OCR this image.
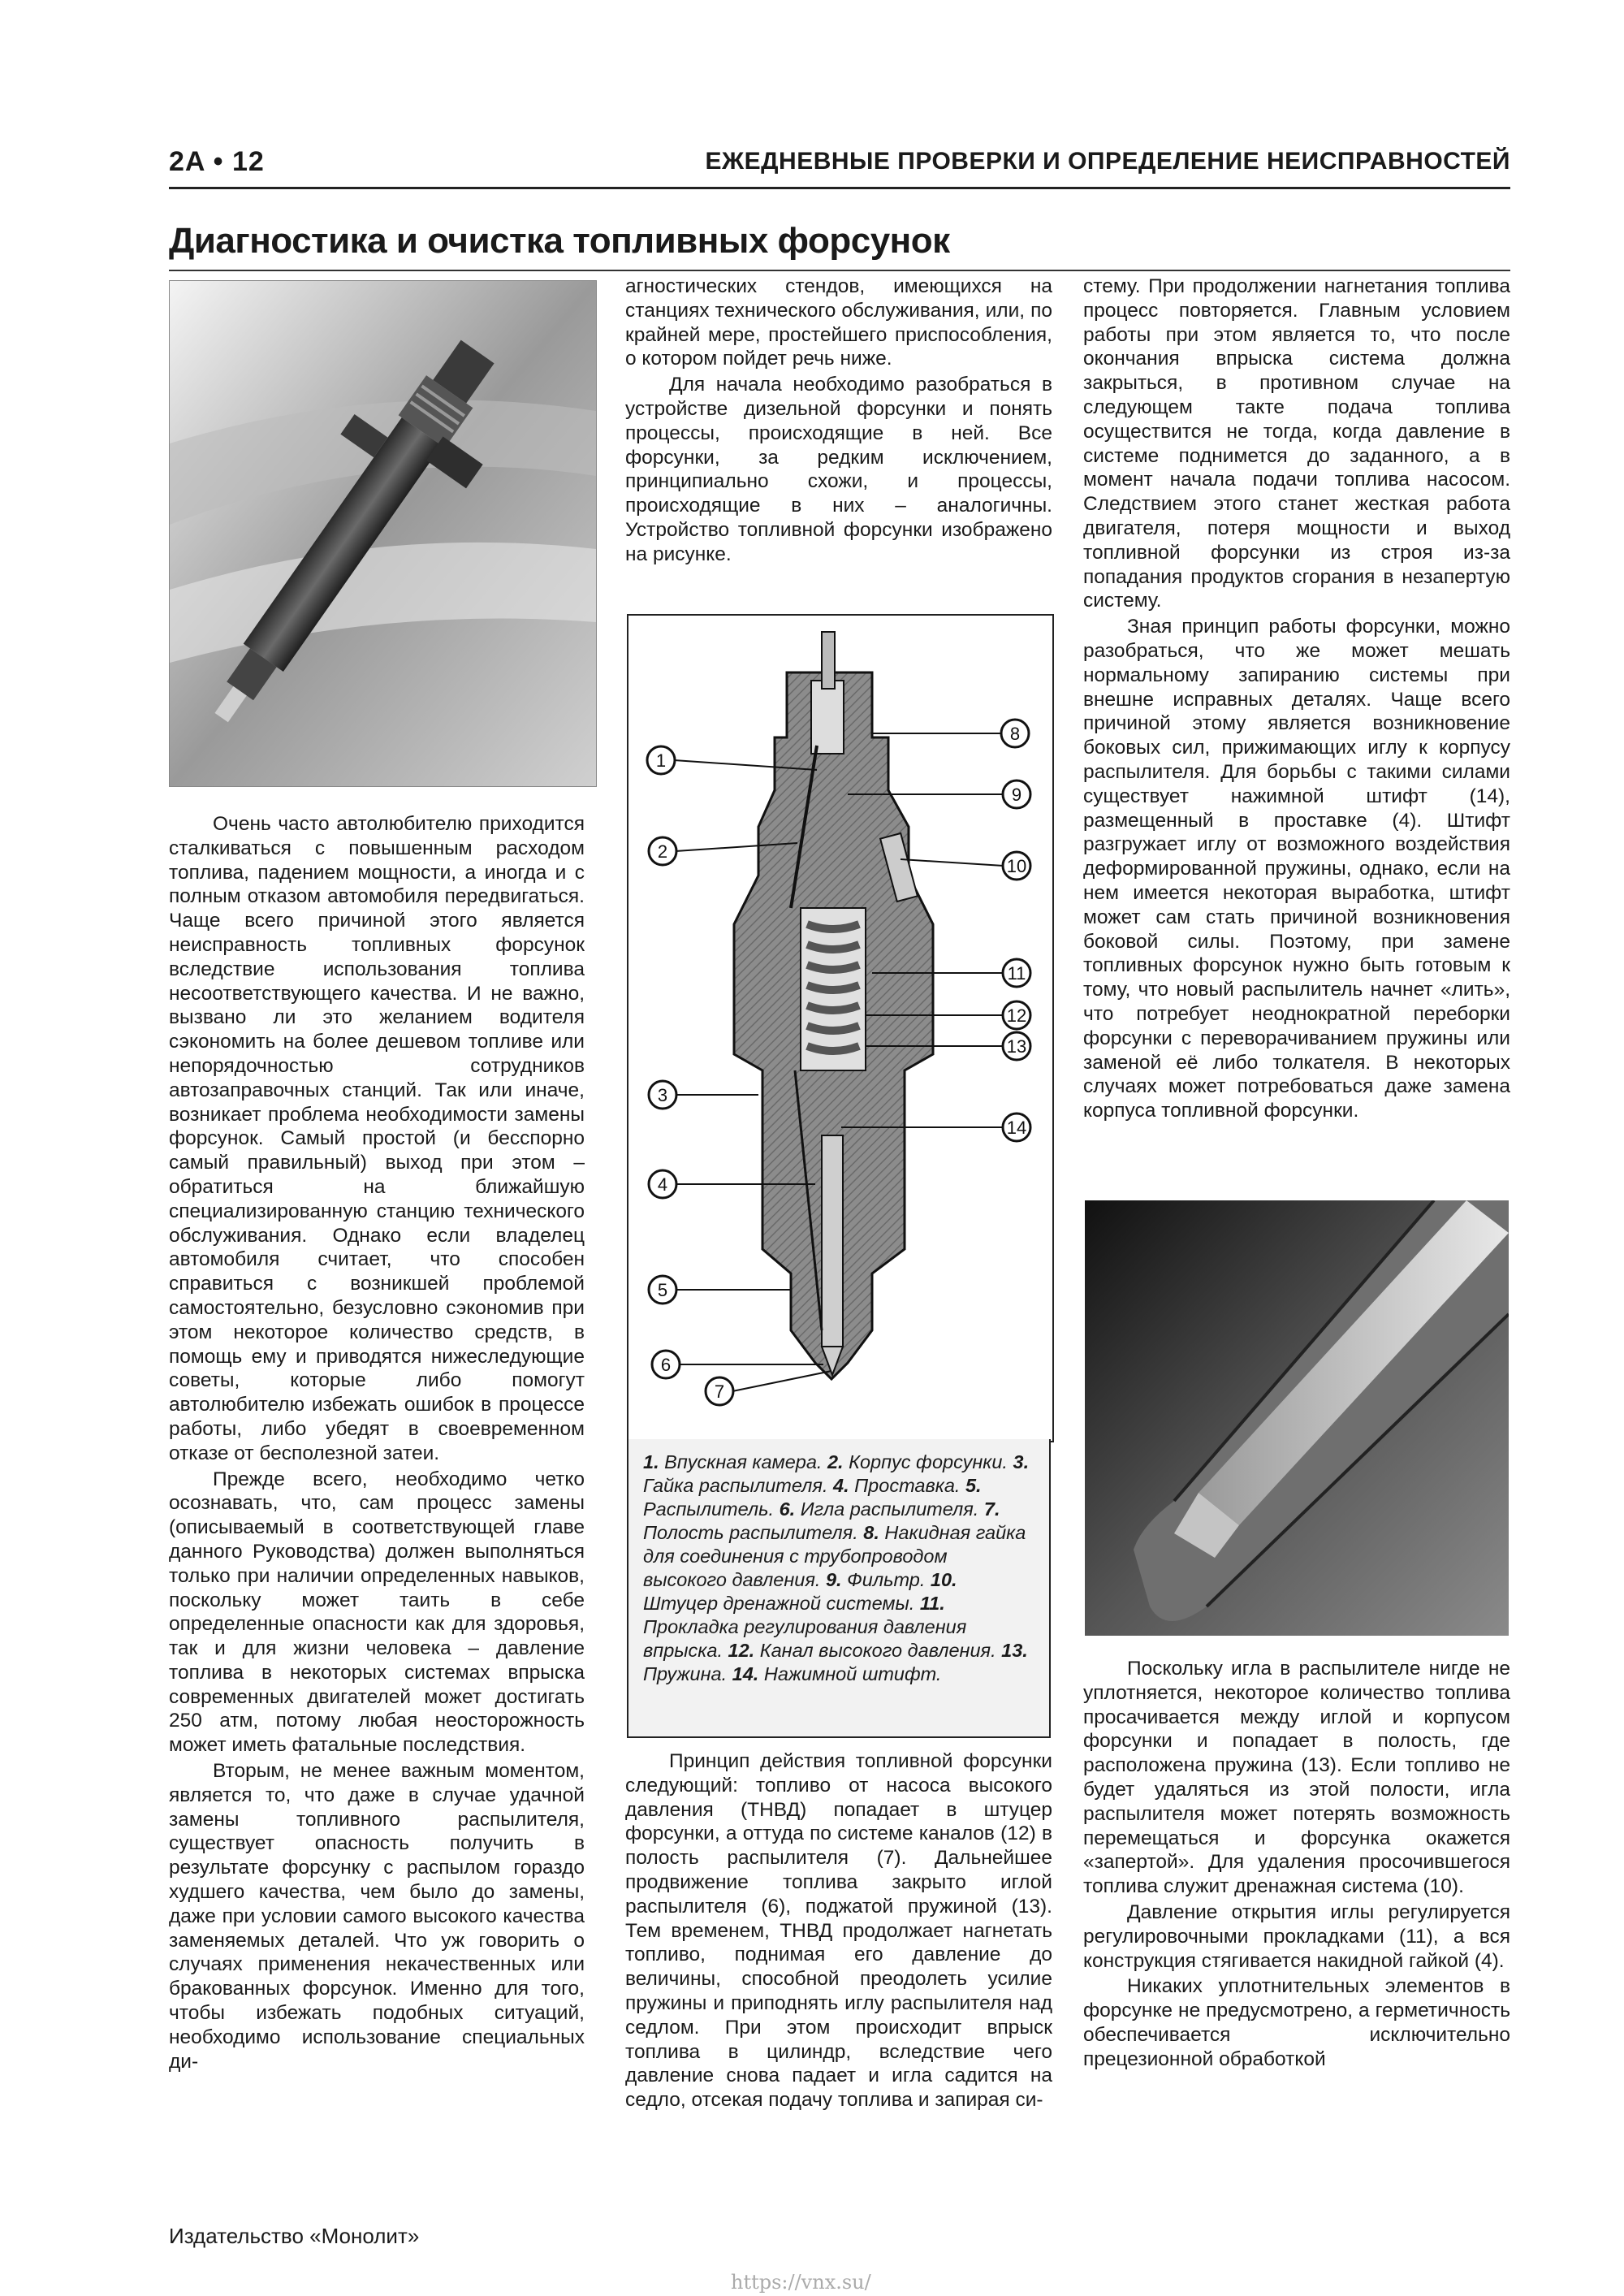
2A • 12	ЕЖЕДНЕВНЫЕ ПРОВЕРКИ И ОПРЕДЕЛЕНИЕ НЕИСПРАВНОСТЕЙ
Диагностика и очистка топливных форсунок

Очень часто автолюбителю приходится сталкиваться с повышенным расходом топлива, падением мощности, а иногда и с полным отказом автомобиля передвигаться. Чаще всего причиной этого является неисправность топливных форсунок вследствие использования топлива несоответствующего качества. И не важно, вызвано ли это желанием водителя сэкономить на более дешевом топливе или непорядочностью сотрудников автозаправочных станций. Так или иначе, возникает проблема необходимости замены форсунок. Самый простой (и бесспорно самый правильный) выход при этом – обратиться на ближайшую специализированную станцию технического обслуживания. Однако если владелец автомобиля считает, что способен справиться с возникшей проблемой самостоятельно, безусловно сэкономив при этом некоторое количество средств, в помощь ему и приводятся нижеследующие советы, которые либо помогут автолюбителю избежать ошибок в процессе работы, либо убедят в своевременном отказе от бесполезной затеи.

Прежде всего, необходимо четко осознавать, что, сам процесс замены (описываемый в соответствующей главе данного Руководства) должен выполняться только при наличии определенных навыков, поскольку может таить в себе определенные опасности как для здоровья, так и для жизни человека – давление топлива в некоторых системах впрыска современных двигателей может достигать 250 атм, потому любая неосторожность может иметь фатальные последствия.

Вторым, не менее важным моментом, является то, что даже в случае удачной замены топливного распылителя, существует опасность получить в результате форсунку с распылом гораздо худшего качества, чем было до замены, даже при условии самого высокого качества заменяемых деталей. Что уж говорить о случаях применения некачественных или бракованных форсунок. Именно для того, чтобы избежать подобных ситуаций, необходимо использование специальных ди-

агностических стендов, имеющихся на станциях технического обслуживания, или, по крайней мере, простейшего приспособления, о котором пойдет речь ниже.

Для начала необходимо разобраться в устройстве дизельной форсунки и понять процессы, происходящие в ней. Все форсунки, за редким исключением, принципиально схожи, и процессы, происходящие в них – аналогичны. Устройство топливной форсунки изображено на рисунке.

1
2
3
4
5
6
7
8
9
10
11
12
13
14
1. Впускная камера. 2. Корпус форсунки. 3. Гайка распылителя. 4. Проставка. 5. Распылитель. 6. Игла распылителя. 7. Полость распылителя. 8. Накидная гайка для соединения с трубопроводом высокого давления. 9. Фильтр. 10. Штуцер дренажной системы. 11. Прокладка регулирования давления впрыска. 12. Канал высокого давления. 13. Пружина. 14. Нажимной штифт.

Принцип действия топливной форсунки следующий: топливо от насоса высокого давления (ТНВД) попадает в штуцер форсунки, а оттуда по системе каналов (12) в полость распылителя (7). Дальнейшее продвижение топлива закрыто иглой распылителя (6), поджатой пружиной (13). Тем временем, ТНВД продолжает нагнетать топливо, поднимая его давление до величины, способной преодолеть усилие пружины и приподнять иглу распылителя над седлом. При этом происходит впрыск топлива в цилиндр, вследствие чего давление снова падает и игла садится на седло, отсекая подачу топлива и запирая си-

стему. При продолжении нагнетания топлива процесс повторяется. Главным условием работы при этом является то, что после окончания впрыска система должна закрыться, в противном случае на следующем такте подача топлива осуществится не тогда, когда давление в системе поднимется до заданного, а в момент начала подачи топлива насосом. Следствием этого станет жесткая работа двигателя, потеря мощности и выход топливной форсунки из строя из-за попадания продуктов сгорания в незапертую систему.

Зная принцип работы форсунки, можно разобраться, что же может мешать нормальному запиранию системы при внешне исправных деталях. Чаще всего причиной этому является возникновение боковых сил, прижимающих иглу к корпусу распылителя. Для борьбы с такими силами существует нажимной штифт (14), размещенный в проставке (4). Штифт разгружает иглу от возможного воздействия деформированной пружины, однако, если на нем имеется некоторая выработка, штифт может сам стать причиной возникновения боковой силы. Поэтому, при замене топливных форсунок нужно быть готовым к тому, что новый распылитель начнет «лить», что потребует неоднократной переборки форсунки с переворачиванием пружины или заменой её либо толкателя. В некоторых случаях может потребоваться даже замена корпуса топливной форсунки.

Поскольку игла в распылителе нигде не уплотняется, некоторое количество топлива просачивается между иглой и корпусом форсунки и попадает в полость, где расположена пружина (13). Если топливо не будет удаляться из этой полости, игла распылителя может потерять возможность перемещаться и форсунка окажется «запертой». Для удаления просочившегося топлива служит дренажная система (10).

Давление открытия иглы регулируется регулировочными прокладками (11), а вся конструкция стягивается накидной гайкой (4).

Никаких уплотнительных элементов в форсунке не предусмотрено, а герметичность обеспечивается исключительно прецезионной обработкой

Издательство «Монолит»
https://vnx.su/
